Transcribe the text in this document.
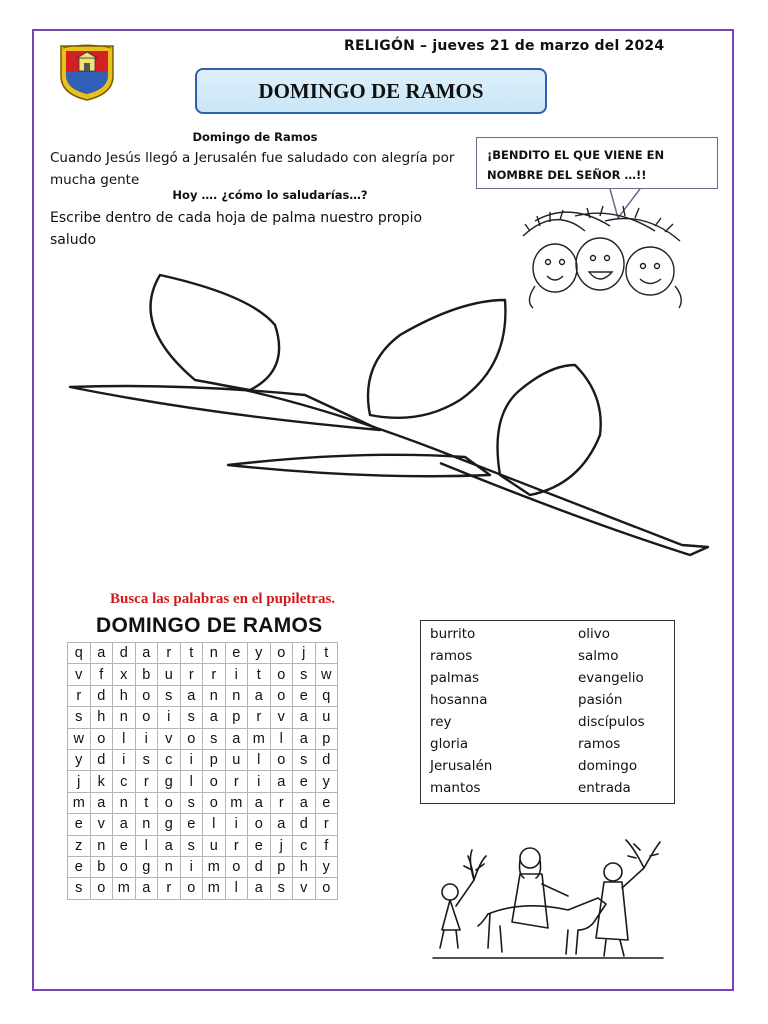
RELIGÓN – jueves 21 de marzo del 2024
DOMINGO DE RAMOS
Domingo de Ramos
Cuando Jesús llegó a Jerusalén fue saludado con alegría por mucha gente
Hoy …. ¿cómo lo saludarías…?
Escribe dentro de cada hoja de palma nuestro propio saludo
¡BENDITO EL QUE VIENE EN NOMBRE DEL SEÑOR …!!
Busca las palabras en el pupiletras.
DOMINGO DE RAMOS
q	a	d	a	r	t	n	e	y	o	j	t
v	f	x	b	u	r	r	i	t	o	s	w
r	d	h	o	s	a	n	n	a	o	e	q
s	h	n	o	i	s	a	p	r	v	a	u
w	o	l	i	v	o	s	a	m	l	a	p
y	d	i	s	c	i	p	u	l	o	s	d
j	k	c	r	g	l	o	r	i	a	e	y
m	a	n	t	o	s	o	m	a	r	a	e
e	v	a	n	g	e	l	i	o	a	d	r
z	n	e	l	a	s	u	r	e	j	c	f
e	b	o	g	n	i	m	o	d	p	h	y
s	o	m	a	r	o	m	l	a	s	v	o
burrito
ramos
palmas
hosanna
rey
gloria
Jerusalén
mantos
olivo
salmo
evangelio
pasión
discípulos
ramos
domingo
entrada
